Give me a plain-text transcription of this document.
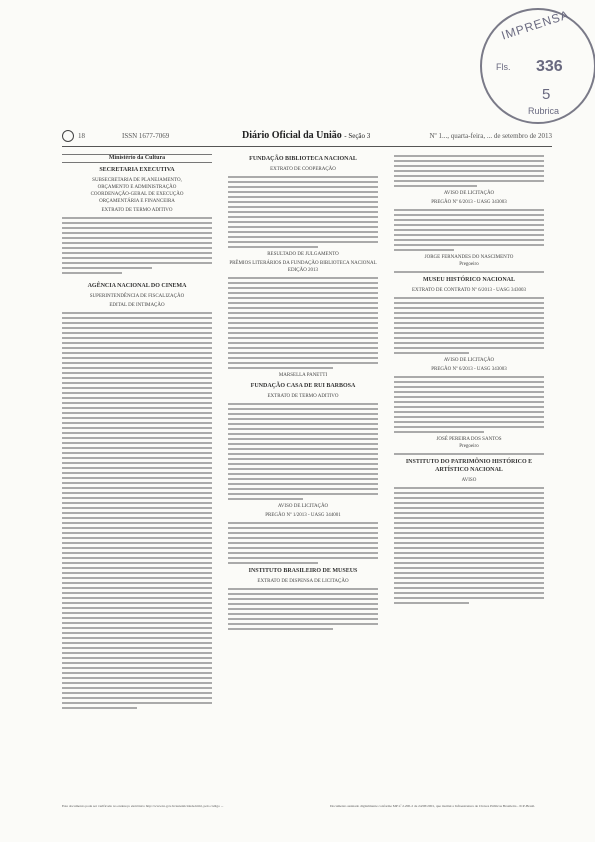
IMPRENSA
Fls. 336
5
Rubrica
18	ISSN 1677-7069	Diário Oficial da União - Seção 3	Nº 1..., quarta-feira, ... de setembro de 2013
Ministério da Cultura
SECRETARIA EXECUTIVA
SUBSECRETARIA DE PLANEJAMENTO,
ORÇAMENTO E ADMINISTRAÇÃO
COORDENAÇÃO-GERAL DE EXECUÇÃO
ORÇAMENTÁRIA E FINANCEIRA
EXTRATO DE TERMO ADITIVO
AGÊNCIA NACIONAL DO CINEMA
SUPERINTENDÊNCIA DE FISCALIZAÇÃO
EDITAL DE INTIMAÇÃO
FUNDAÇÃO BIBLIOTECA NACIONAL
EXTRATO DE COOPERAÇÃO
RESULTADO DE JULGAMENTO
PRÊMIOS LITERÁRIOS DA FUNDAÇÃO BIBLIOTECA NACIONAL EDIÇÃO 2013
MARSELLA PANETTI
FUNDAÇÃO CASA DE RUI BARBOSA
EXTRATO DE TERMO ADITIVO
AVISO DE LICITAÇÃO
PREGÃO Nº 1/2013 - UASG 344001
INSTITUTO BRASILEIRO DE MUSEUS
EXTRATO DE DISPENSA DE LICITAÇÃO
AVISO DE LICITAÇÃO
PREGÃO Nº 6/2013 - UASG 343003
JORGE FERNANDES DO NASCIMENTO
Pregoeiro
MUSEU HISTÓRICO NACIONAL
EXTRATO DE CONTRATO Nº 6/2013 - UASG 343003
AVISO DE LICITAÇÃO
PREGÃO Nº 6/2013 - UASG 343003
JOSÉ PEREIRA DOS SANTOS
Pregoeiro
INSTITUTO DO PATRIMÔNIO HISTÓRICO E ARTÍSTICO NACIONAL
AVISO
Este documento pode ser verificado no endereço eletrônico http://www.in.gov.br/autenticidade.html, pelo código ...	Documento assinado digitalmente conforme MP nº 2.200-2 de 24/08/2001, que institui a Infraestrutura de Chaves Públicas Brasileira - ICP-Brasil.
